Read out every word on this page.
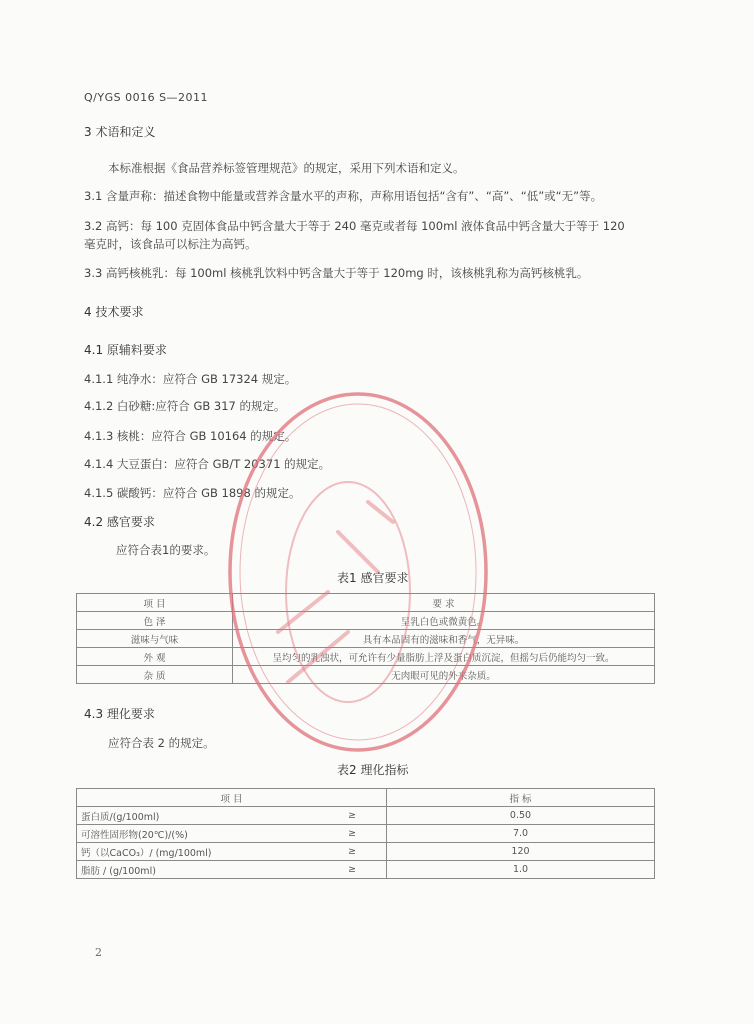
Q/YGS 0016 S—2011
3 术语和定义
本标准根据《食品营养标签管理规范》的规定，采用下列术语和定义。
3.1 含量声称：描述食物中能量或营养含量水平的声称，声称用语包括“含有”、“高”、“低”或“无”等。
3.2 高钙：每 100 克固体食品中钙含量大于等于 240 毫克或者每 100ml 液体食品中钙含量大于等于 120
毫克时，该食品可以标注为高钙。
3.3 高钙核桃乳：每 100ml 核桃乳饮料中钙含量大于等于 120mg 时，该核桃乳称为高钙核桃乳。
4 技术要求
4.1 原辅料要求
4.1.1 纯净水：应符合 GB 17324 规定。
4.1.2 白砂糖:应符合 GB 317 的规定。
4.1.3 核桃：应符合 GB 10164 的规定。
4.1.4 大豆蛋白：应符合 GB/T 20371 的规定。
4.1.5 碳酸钙：应符合 GB 1898 的规定。
4.2 感官要求
应符合表1的要求。
表1 感官要求
项 目	要 求
色 泽	呈乳白色或微黄色。
滋味与气味	具有本品固有的滋味和香气，无异味。
外 观	呈均匀的乳浊状，可允许有少量脂肪上浮及蛋白质沉淀，但摇匀后仍能均匀一致。
杂 质	无肉眼可见的外来杂质。
4.3 理化要求
应符合表 2 的规定。
表2 理化指标
项 目		指 标
蛋白质/(g/100ml)	≥	0.50
可溶性固形物(20℃)/(%)	≥	7.0
钙（以CaCO₃）/ (mg/100ml)	≥	120
脂肪 / (g/100ml)	≥	1.0
2
